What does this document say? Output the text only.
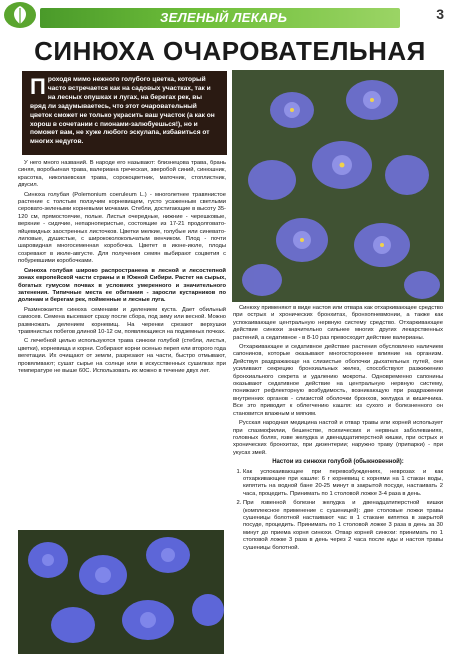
ЗЕЛЕНЫЙ ЛЕКАРЬ	3
СИНЮХА ОЧАРОВАТЕЛЬНАЯ
П роходя мимо нежного голубого цветка, который часто встречается как на садовых участках, так и на лесных опушках и лугах, на берегах рек, вы вряд ли задумываетесь, что этот очаровательный цветок сможет не только украсить ваш участок (а как он хорош в сочетании с пионами-залюбуешься!), но и поможет вам, не хуже любого эскулапа, избавиться от многих недугов.

У него много названий. В народе его называют: близнецова трава, брань синяя, воробьиная трава, валериана греческая, зверобой синий, синюшник, красотка, николаевская трава, сорокоцветник, маточник, стоплистник, двусил.

Синюха голубая (Polemonium coeruleum L.) - многолетнее травянистое растение с толстым ползучим корневищем, густо усаженным светлыми серовато-зелеными корневыми мочками. Стебли, достигающие в высоту 35-120 см, прямостоячие, полые. Листья очередные, нижние - черешковые, верхние - сидячие, непарноперистые, состоящие из 17-21 продолговато-яйцевидных заостренных листочков. Цветки мелкие, голубые или синевато-лиловые, душистые, с ширококолокольчатым венчиком. Плод - почти шаровидная многосеменная коробочка. Цветет в июне-июле, плоды созревают в июле-августе. Для получения семян выбирают соцветия с побуревшими коробочками.

Синюха голубая широко распространена в лесной и лесостепной зонах европейской части страны и в Южной Сибири. Растет на сырых, богатых гумусом почвах в условиях умеренного и значительного затенения. Типичные места ее обитания - заросли кустарников по долинам и берегам рек, пойменные и лесные луга.

Размножается синюха семенами и делением куста. Дает обильный самосев. Семена высевают сразу после сбора, под зиму или весной. Можно размножать делением корневищ. На черенки срезают верхушки травянистых побегов длиной 10-12 см, появляющиеся на подземных почках.

С лечебной целью используются трава синюхи голубой (стебли, листья, цветки), корневища и корни. Собирают корни осенью переп ели второго года вегетации. Их очищают от земли, разрезают на части, быстро отмывают, провяливают; сушат сырье на солнце или в искусственных сушилках при температуре не выше 60С. Использовать их можно в течение двух лет.

Синюху применяют в виде настоя или отвара как отхаркивающее средство при острых и хронических бронхитах, бронхопневмонии, а также как успокаивающее центральную нервную систему средство. Отхаркивающее действие синюхи значительно сильнее многих других лекарственных растений, а седативное - в 8-10 раз превосходит действие валерианы.

Отхаркивающее и седативное действие растения обусловлено наличием сапонинов, которые оказывают многостороннее влияние на организм. Действуя раздражающе на слизистые оболочки дыхательных путей, они усиливают секрецию бронхиальных желез, способствуют разжижению бронхиального секрета и удалению мокроты. Одновременно сапонины оказывают седативное действие на центральную нервную систему, понижают рефлекторную возбудимость, возникающую при раздражении внутренних органов - слизистой оболочки бронхов, желудка и кишечника. Все это приводит к облегчению кашля: из сухого и болезненного он становится влажным и мягким.

Русская народная медицина настой и отвар травы или корней использует при спазмофилии, бешенстве, психических и нервных заболеваниях, головных болях, язве желудка и двенадцатиперстной кишки, при острых и хронических бронхитах, при дизентерии; наружно траву (припарки) - при укусах змей.

Настои из синюхи голубой (обыкновенной):
1. Как успокаивающее при перевозбуждениях, неврозах и как отхаркивающее при кашле: 6 г корневищ с корнями на 1 стакан воды, кипятить на водной бане 20-25 минут в закрытой посуде, настаивать 2 часа, процедить. Принимать по 1 столовой ложке 3-4 раза в день.
2. При язвенной болезни желудка и двенадцатиперстной кишки (комплексное применение с сушеницей): две столовые ложки травы сушеницы болотной настаивают час в 1 стакане кипятка в закрытой посуде, процедить. Принимать по 1 столовой ложке 3 раза в день за 30 минут до приема корня синюхи. Отвар корней синюхи: принимать по 1 столовой ложке 3 раза в день через 2 часа после еды и настоя травы сушеницы болотной.
